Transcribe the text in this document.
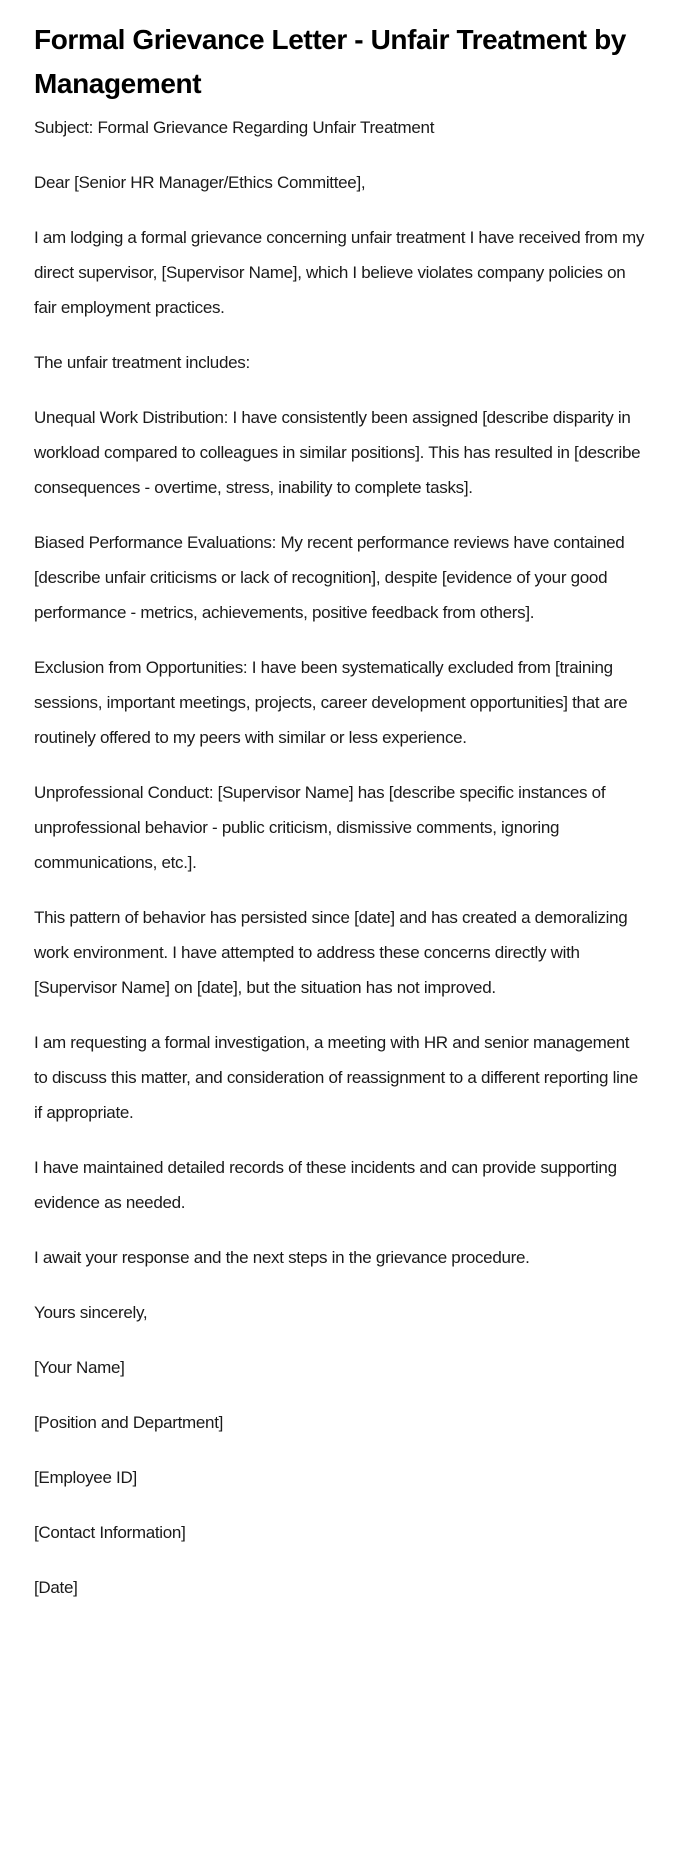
Formal Grievance Letter - Unfair Treatment by Management

Subject: Formal Grievance Regarding Unfair Treatment

Dear [Senior HR Manager/Ethics Committee],

I am lodging a formal grievance concerning unfair treatment I have received from my direct supervisor, [Supervisor Name], which I believe violates company policies on fair employment practices.

The unfair treatment includes:

Unequal Work Distribution: I have consistently been assigned [describe disparity in workload compared to colleagues in similar positions]. This has resulted in [describe consequences - overtime, stress, inability to complete tasks].

Biased Performance Evaluations: My recent performance reviews have contained [describe unfair criticisms or lack of recognition], despite [evidence of your good performance - metrics, achievements, positive feedback from others].

Exclusion from Opportunities: I have been systematically excluded from [training sessions, important meetings, projects, career development opportunities] that are routinely offered to my peers with similar or less experience.

Unprofessional Conduct: [Supervisor Name] has [describe specific instances of unprofessional behavior - public criticism, dismissive comments, ignoring communications, etc.].

This pattern of behavior has persisted since [date] and has created a demoralizing work environment. I have attempted to address these concerns directly with [Supervisor Name] on [date], but the situation has not improved.

I am requesting a formal investigation, a meeting with HR and senior management to discuss this matter, and consideration of reassignment to a different reporting line if appropriate.

I have maintained detailed records of these incidents and can provide supporting evidence as needed.

I await your response and the next steps in the grievance procedure.

Yours sincerely,

[Your Name]

[Position and Department]

[Employee ID]

[Contact Information]

[Date]
